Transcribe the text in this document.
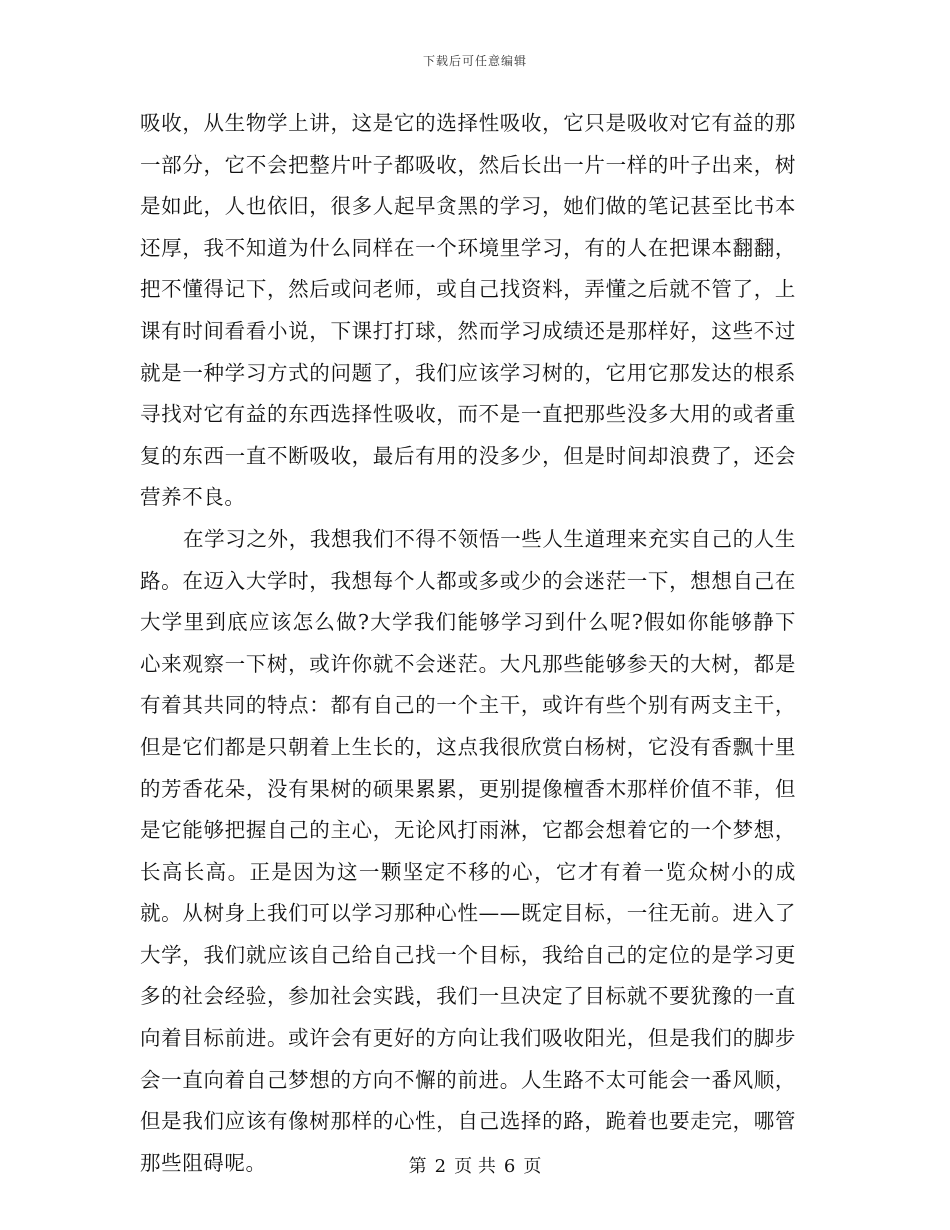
下载后可任意编辑

吸收，从生物学上讲，这是它的选择性吸收，它只是吸收对它有益的那一部分，它不会把整片叶子都吸收，然后长出一片一样的叶子出来，树是如此，人也依旧，很多人起早贪黑的学习，她们做的笔记甚至比书本还厚，我不知道为什么同样在一个环境里学习，有的人在把课本翻翻，把不懂得记下，然后或问老师，或自己找资料，弄懂之后就不管了，上课有时间看看小说，下课打打球，然而学习成绩还是那样好，这些不过就是一种学习方式的问题了，我们应该学习树的，它用它那发达的根系寻找对它有益的东西选择性吸收，而不是一直把那些没多大用的或者重复的东西一直不断吸收，最后有用的没多少，但是时间却浪费了，还会营养不良。

在学习之外，我想我们不得不领悟一些人生道理来充实自己的人生路。在迈入大学时，我想每个人都或多或少的会迷茫一下，想想自己在大学里到底应该怎么做?大学我们能够学习到什么呢?假如你能够静下心来观察一下树，或许你就不会迷茫。大凡那些能够参天的大树，都是有着其共同的特点：都有自己的一个主干，或许有些个别有两支主干，但是它们都是只朝着上生长的，这点我很欣赏白杨树，它没有香飘十里的芳香花朵，没有果树的硕果累累，更别提像檀香木那样价值不菲，但是它能够把握自己的主心，无论风打雨淋，它都会想着它的一个梦想，长高长高。正是因为这一颗坚定不移的心，它才有着一览众树小的成就。从树身上我们可以学习那种心性——既定目标，一往无前。进入了大学，我们就应该自己给自己找一个目标，我给自己的定位的是学习更多的社会经验，参加社会实践，我们一旦决定了目标就不要犹豫的一直向着目标前进。或许会有更好的方向让我们吸收阳光，但是我们的脚步会一直向着自己梦想的方向不懈的前进。人生路不太可能会一番风顺，但是我们应该有像树那样的心性，自己选择的路，跪着也要走完，哪管那些阻碍呢。	第 2 页 共 6 页
